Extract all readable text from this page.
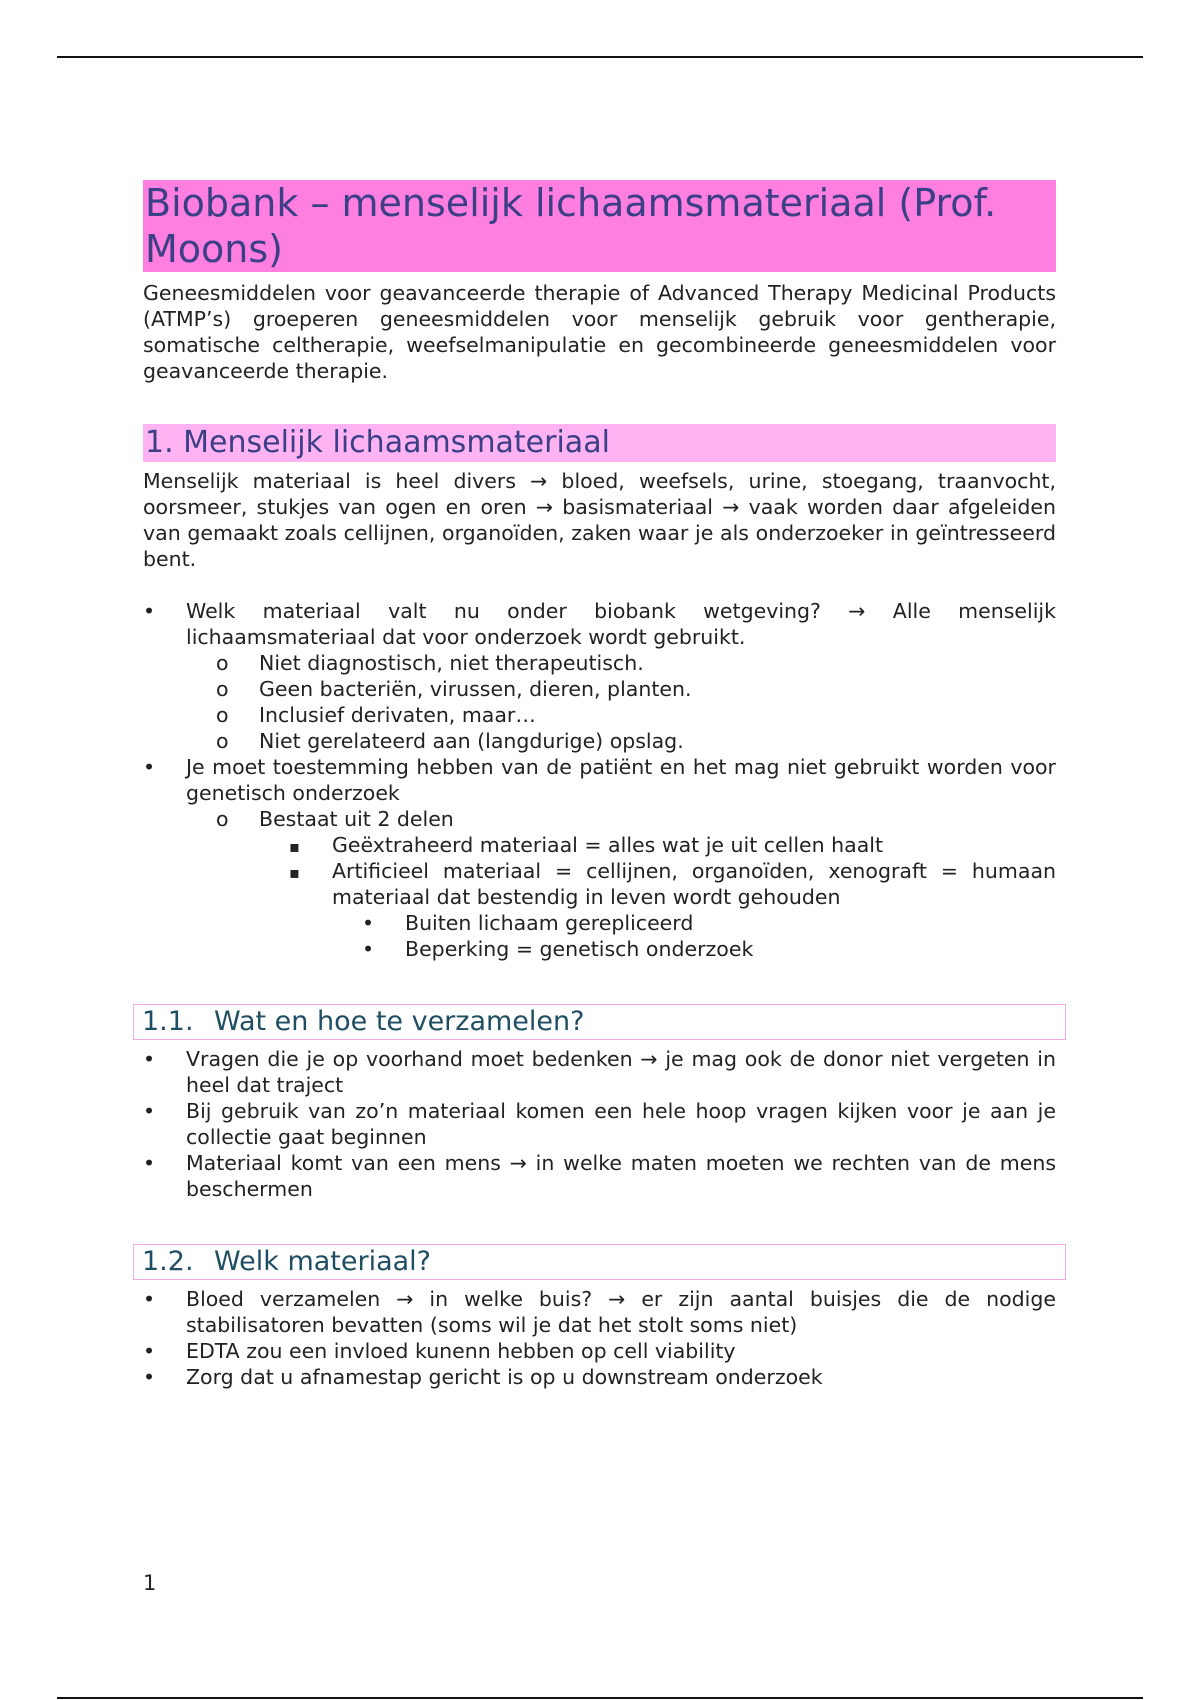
Biobank – menselijk lichaamsmateriaal (Prof. Moons)

Geneesmiddelen voor geavanceerde therapie of Advanced Therapy Medicinal Products (ATMP’s) groeperen geneesmiddelen voor menselijk gebruik voor gentherapie, somatische celtherapie, weefselmanipulatie en gecombineerde geneesmiddelen voor geavanceerde therapie.

1. Menselijk lichaamsmateriaal

Menselijk materiaal is heel divers → bloed, weefsels, urine, stoegang, traanvocht, oorsmeer, stukjes van ogen en oren → basismateriaal → vaak worden daar afgeleiden van gemaakt zoals cellijnen, organoïden, zaken waar je als onderzoeker in geïntresseerd bent.

•
Welk materiaal valt nu onder biobank wetgeving? → Alle menselijk lichaamsmateriaal dat voor onderzoek wordt gebruikt.
o
Niet diagnostisch, niet therapeutisch.
o
Geen bacteriën, virussen, dieren, planten.
o
Inclusief derivaten, maar…
o
Niet gerelateerd aan (langdurige) opslag.
•
Je moet toestemming hebben van de patiënt en het mag niet gebruikt worden voor genetisch onderzoek
o
Bestaat uit 2 delen
▪
Geëxtraheerd materiaal = alles wat je uit cellen haalt
▪
Artificieel materiaal = cellijnen, organoïden, xenograft = humaan materiaal dat bestendig in leven wordt gehouden
•
Buiten lichaam gerepliceerd
•
Beperking = genetisch onderzoek
1.1. Wat en hoe te verzamelen?
•
Vragen die je op voorhand moet bedenken → je mag ook de donor niet vergeten in heel dat traject
•
Bij gebruik van zo’n materiaal komen een hele hoop vragen kijken voor je aan je collectie gaat beginnen
•
Materiaal komt van een mens → in welke maten moeten we rechten van de mens beschermen
1.2. Welk materiaal?
•
Bloed verzamelen → in welke buis? → er zijn aantal buisjes die de nodige stabilisatoren bevatten (soms wil je dat het stolt soms niet)
•
EDTA zou een invloed kunenn hebben op cell viability
•
Zorg dat u afnamestap gericht is op u downstream onderzoek
1
